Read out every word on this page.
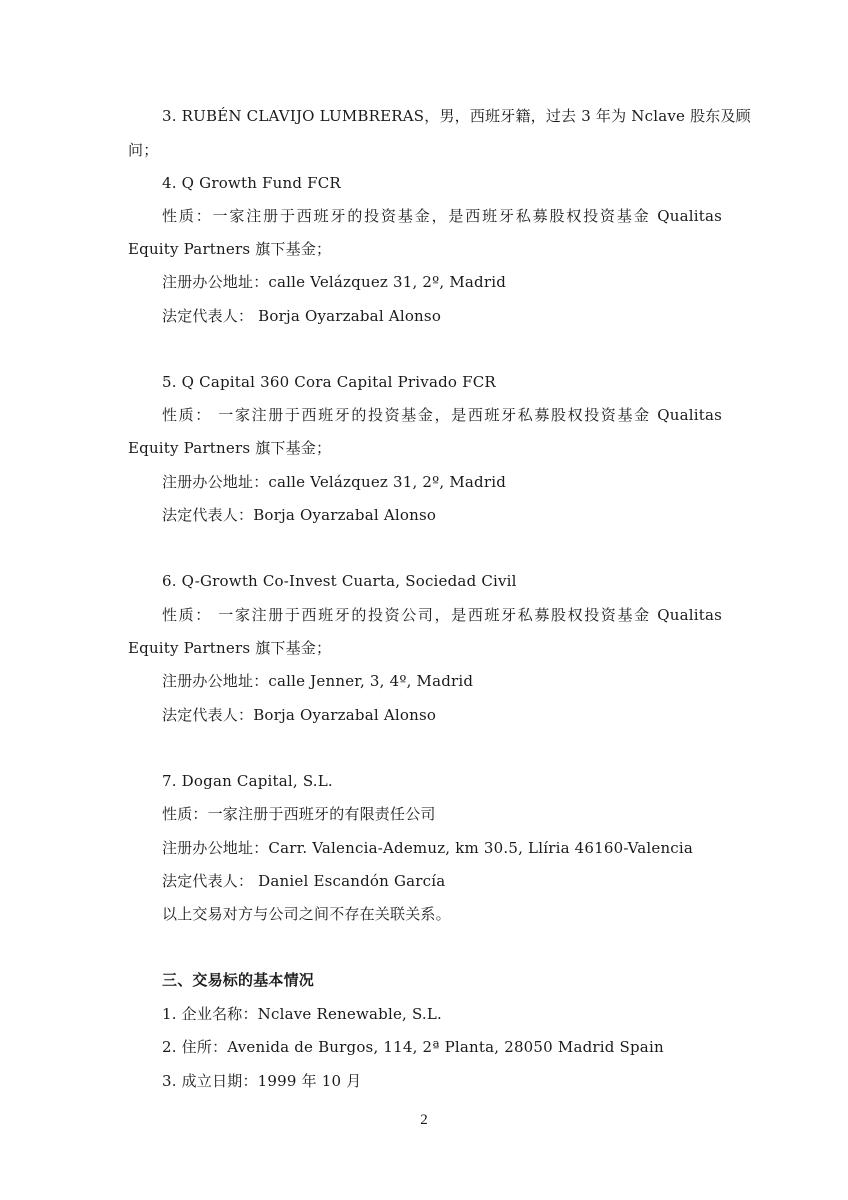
3. RUBÉN CLAVIJO LUMBRERAS，男，西班牙籍，过去 3 年为 Nclave 股东及顾
问；
4. Q Growth Fund FCR
性质：一家注册于西班牙的投资基金，是西班牙私募股权投资基金 Qualitas
Equity Partners 旗下基金；
注册办公地址：calle Velázquez 31, 2º, Madrid
法定代表人： Borja Oyarzabal Alonso
5. Q Capital 360 Cora Capital Privado FCR
性质： 一家注册于西班牙的投资基金，是西班牙私募股权投资基金 Qualitas
Equity Partners 旗下基金；
注册办公地址：calle Velázquez 31, 2º, Madrid
法定代表人：Borja Oyarzabal Alonso
6. Q-Growth Co-Invest Cuarta, Sociedad Civil
性质： 一家注册于西班牙的投资公司，是西班牙私募股权投资基金 Qualitas
Equity Partners 旗下基金；
注册办公地址：calle Jenner, 3, 4º, Madrid
法定代表人：Borja Oyarzabal Alonso
7. Dogan Capital, S.L.
性质：一家注册于西班牙的有限责任公司
注册办公地址：Carr. Valencia-Ademuz, km 30.5, Llíria 46160-Valencia
法定代表人： Daniel Escandón García
以上交易对方与公司之间不存在关联关系。
三、交易标的基本情况
1. 企业名称：Nclave Renewable, S.L.
2. 住所：Avenida de Burgos, 114, 2ª Planta, 28050 Madrid Spain
3. 成立日期：1999 年 10 月
2
